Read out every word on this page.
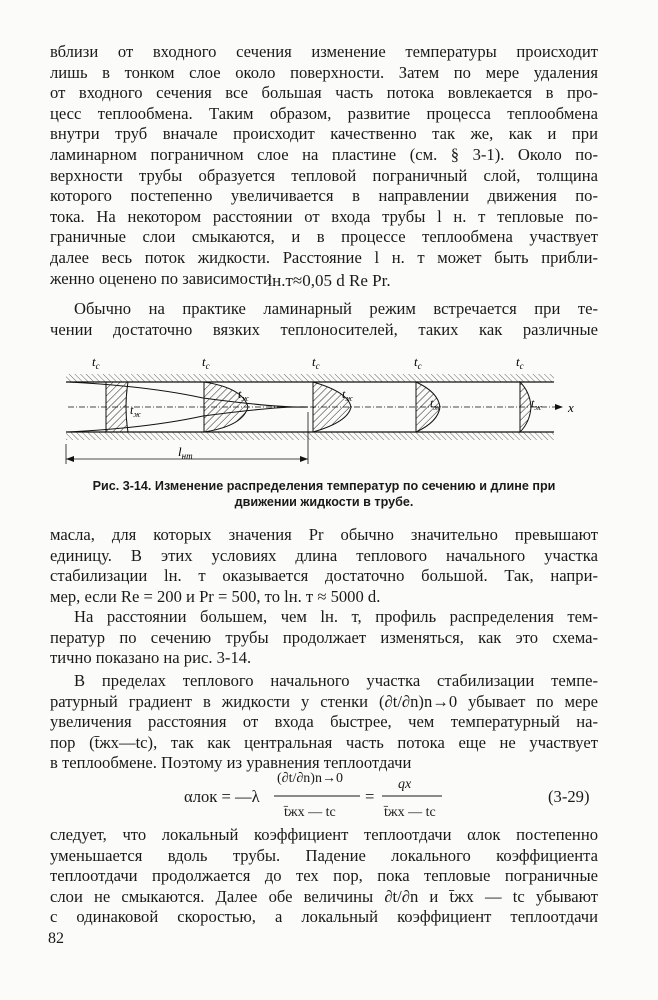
вблизи от входного сечения изменение температуры происходит
лишь в тонком слое около поверхности. Затем по мере удаления
от входного сечения все большая часть потока вовлекается в про-
цесс теплообмена. Таким образом, развитие процесса теплообмена
внутри труб вначале происходит качественно так же, как и при
ламинарном пограничном слое на пластине (см. § 3-1). Около по-
верхности трубы образуется тепловой пограничный слой, толщина
которого постепенно увеличивается в направлении движения по-
тока. На некотором расстоянии от входа трубы l н. т тепловые по-
граничные слои смыкаются, и в процессе теплообмена участвует
далее весь поток жидкости. Расстояние l н. т может быть прибли-
женно оценено по зависимости
lн.т≈0,05 d Re Pr.
Обычно на практике ламинарный режим встречается при те-
чении достаточно вязких теплоносителей, таких как различные
x
$t_c$	$t_c$	$t_c$	$t_c$	$t_c$
$t_ж$
$t_ж$	$t_ж$	$t_ж$	$t_ж$
$l_{нт}$
Рис. 3-14. Изменение распределения температур по сечению и длине при
движении жидкости в трубе.
масла, для которых значения Pr обычно значительно превышают
единицу. В этих условиях длина теплового начального участка
стабилизации lн. т оказывается достаточно большой. Так, напри-
мер, если Re = 200 и Pr = 500, то lн. т ≈ 5000 d.
На расстоянии большем, чем lн. т, профиль распределения тем-
ператур по сечению трубы продолжает изменяться, как это схема-
тично показано на рис. 3-14.
В пределах теплового начального участка стабилизации темпе-
ратурный градиент в жидкости у стенки (∂t/∂n)n→0 убывает по мере
увеличения расстояния от входа быстрее, чем температурный на-
пор (t̄жх—tc), так как центральная часть потока еще не участвует
в теплообмене. Поэтому из уравнения теплоотдачи
αлок = —λ
(∂t/∂n)n→0
t̄жх — tc
=
qx
t̄жх — tc
(3-29)
следует, что локальный коэффициент теплоотдачи αлок постепенно
уменьшается вдоль трубы. Падение локального коэффициента
теплоотдачи продолжается до тех пор, пока тепловые пограничные
слои не смыкаются. Далее обе величины ∂t/∂n и t̄жх — tc убывают
с одинаковой скоростью, а локальный коэффициент теплоотдачи
82
